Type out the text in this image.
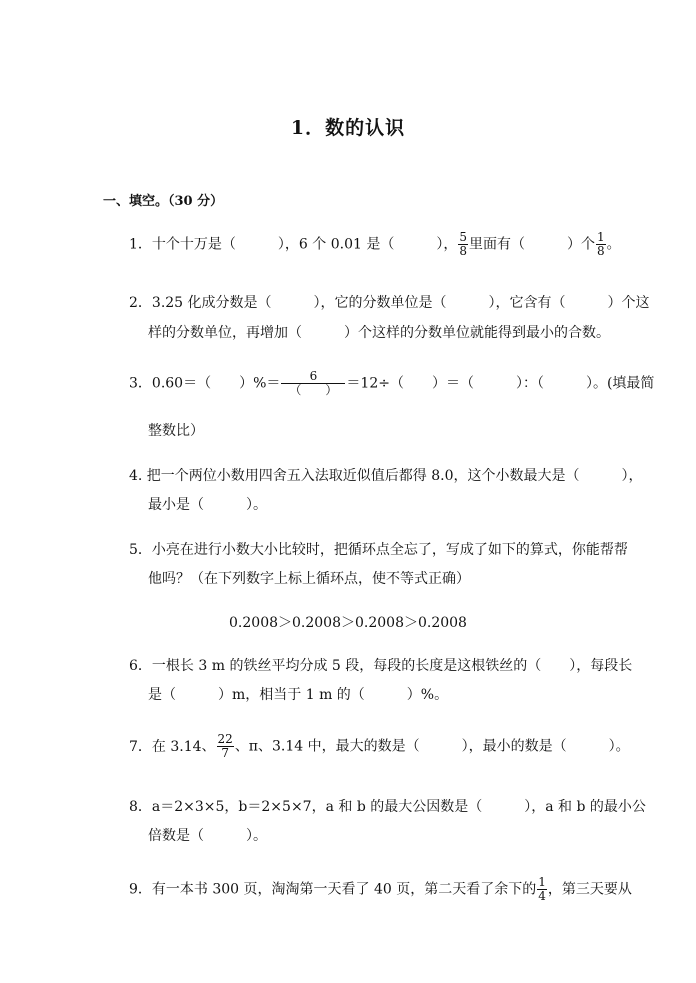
1．数的认识
一、填空。（30 分）
1．十个十万是（　　　），6 个 0.01 是（　　　）， $\frac{5}{8}$ 里面有（　　　）个 $\frac{1}{8}$ 。
2．3.25 化成分数是（　　　），它的分数单位是（　　　），它含有（　　　）个这
样的分数单位，再增加（　　　）个这样的分数单位就能得到最小的合数。
3．0.60＝（　　）%＝ $\frac{6}{( )} =12\div$（　　）＝（　　　）：（　　　）。(填最简
整数比）
4. 把一个两位小数用四舍五入法取近似值后都得 8.0，这个小数最大是（　　　），
最小是（　　　）。
5．小亮在进行小数大小比较时，把循环点全忘了，写成了如下的算式，你能帮帮
他吗？（在下列数字上标上循环点，使不等式正确）
0.2008＞0.2008＞0.2008＞0.2008
6．一根长 3 m 的铁丝平均分成 5 段，每段的长度是这根铁丝的（　　），每段长
是（　　　）m，相当于 1 m 的（　　　）%。
7．在 3.14、 $\frac{22}{7}$ 、π、3.14 中，最大的数是（　　　），最小的数是（　　　）。
8．a＝2×3×5，b＝2×5×7，a 和 b 的最大公因数是（　　　），a 和 b 的最小公
倍数是（　　　）。
9．有一本书 300 页，淘淘第一天看了 40 页，第二天看了余下的 $\frac{1}{4}$ ，第三天要从
